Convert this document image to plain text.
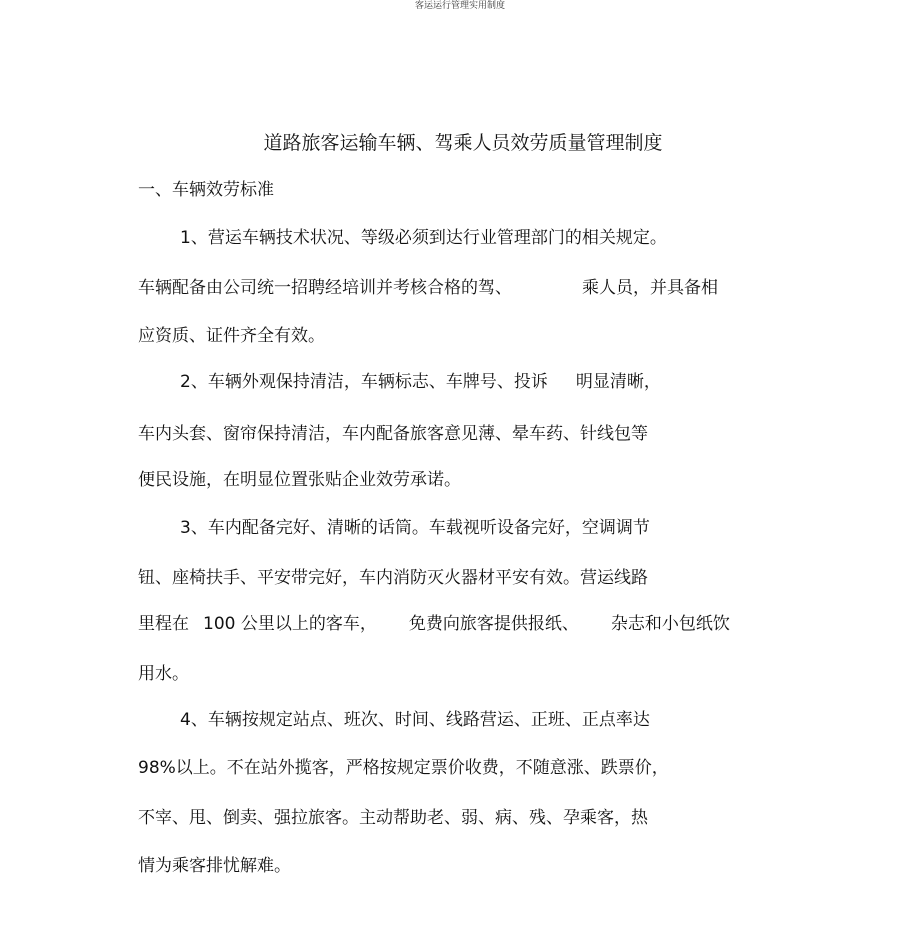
客运运行管理实用制度
道路旅客运输车辆、驾乘人员效劳质量管理制度
一、车辆效劳标准
1、营运车辆技术状况、等级必须到达行业管理部门的相关规定。
车辆配备由公司统一招聘经培训并考核合格的驾、	乘人员，并具备相
应资质、证件齐全有效。
2、车辆外观保持清洁，车辆标志、车牌号、投诉 明显清晰，
车内头套、窗帘保持清洁，车内配备旅客意见薄、晕车药、针线包等
便民设施，在明显位置张贴企业效劳承诺。
3、车内配备完好、清晰的话筒。车载视听设备完好，空调调节
钮、座椅扶手、平安带完好，车内消防灭火器材平安有效。营运线路
里程在 100 公里以上的客车， 免费向旅客提供报纸、 杂志和小包纸饮
用水。
4、车辆按规定站点、班次、时间、线路营运、正班、正点率达
98%以上。不在站外揽客，严格按规定票价收费，不随意涨、跌票价，
不宰、甩、倒卖、强拉旅客。主动帮助老、弱、病、残、孕乘客，热
情为乘客排忧解难。
